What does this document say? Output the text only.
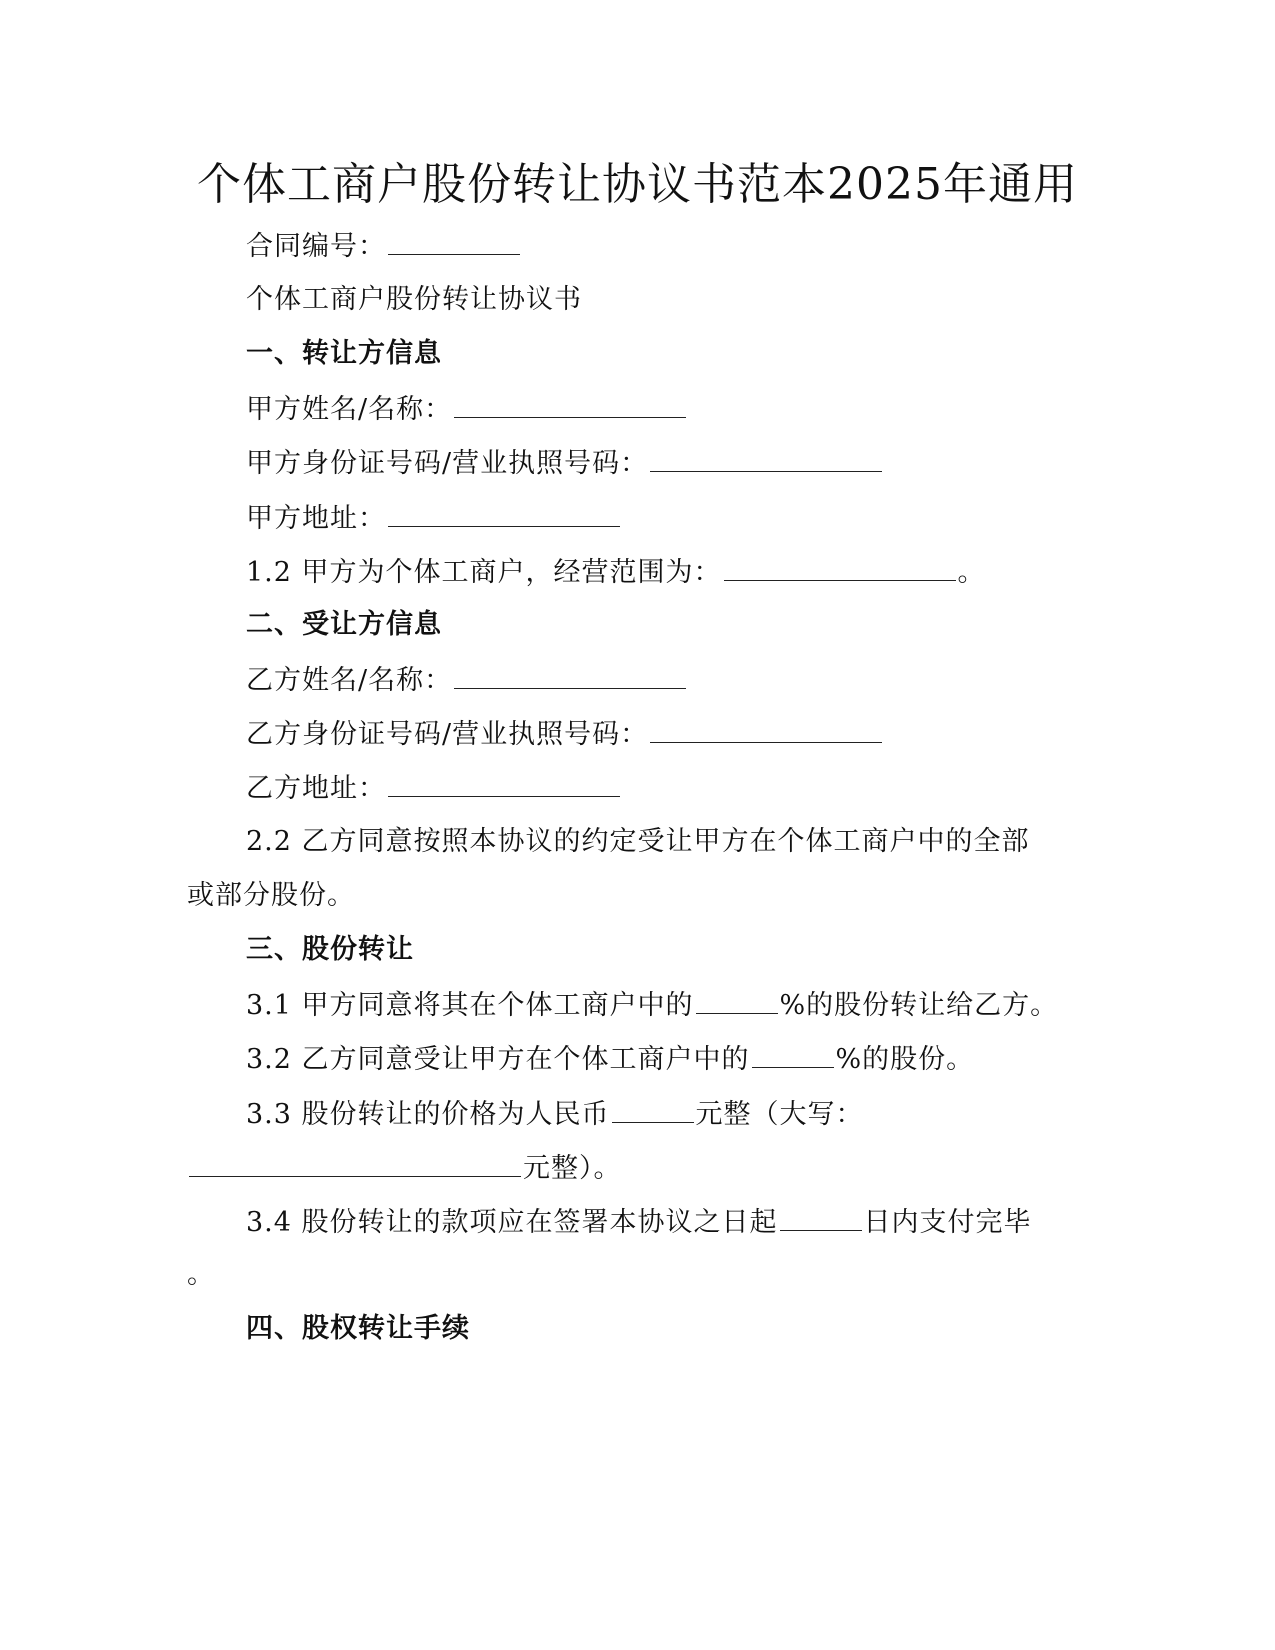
个体工商户股份转让协议书范本2025年通用
合同编号：
个体工商户股份转让协议书
一、转让方信息
甲方姓名/名称：
甲方身份证号码/营业执照号码：
甲方地址：
1.2 甲方为个体工商户，经营范围为：	。
二、受让方信息
乙方姓名/名称：
乙方身份证号码/营业执照号码：
乙方地址：
2.2 乙方同意按照本协议的约定受让甲方在个体工商户中的全部
或部分股份。
三、股份转让
3.1 甲方同意将其在个体工商户中的	%的股份转让给乙方。
3.2 乙方同意受让甲方在个体工商户中的	%的股份。
3.3 股份转让的价格为人民币	元整（大写：
元整）。
3.4 股份转让的款项应在签署本协议之日起	日内支付完毕
。
四、股权转让手续
